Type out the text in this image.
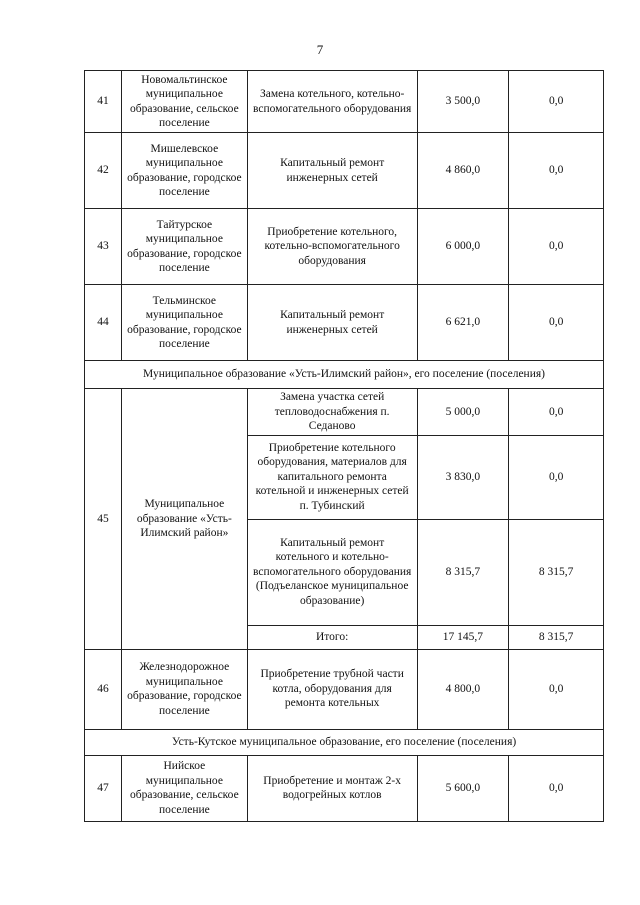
7
41	Новомальтинское муниципальное образование, сельское поселение	Замена котельного, котельно-вспомогательного оборудования	3 500,0	0,0
42	Мишелевское муниципальное образование, городское поселение	Капитальный ремонт инженерных сетей	4 860,0	0,0
43	Тайтурское муниципальное образование, городское поселение	Приобретение котельного, котельно-вспомогательного оборудования	6 000,0	0,0
44	Тельминское муниципальное образование, городское поселение	Капитальный ремонт инженерных сетей	6 621,0	0,0
Муниципальное образование «Усть-Илимский район», его поселение (поселения)				
45	Муниципальное образование «Усть-Илимский район»	Замена участка сетей тепловодоснабжения п. Седаново	5 000,0	0,0
		Приобретение котельного оборудования, материалов для капитального ремонта котельной и инженерных сетей п. Тубинский	3 830,0	0,0
		Капитальный ремонт котельного и котельно-вспомогательного оборудования (Подъеланское муниципальное образование)	8 315,7	8 315,7
		Итого:	17 145,7	8 315,7
46	Железнодорожное муниципальное образование, городское поселение	Приобретение трубной части котла, оборудования для ремонта котельных	4 800,0	0,0
Усть-Кутское муниципальное образование, его поселение (поселения)				
47	Нийское муниципальное образование, сельское поселение	Приобретение и монтаж 2-х водогрейных котлов	5 600,0	0,0
